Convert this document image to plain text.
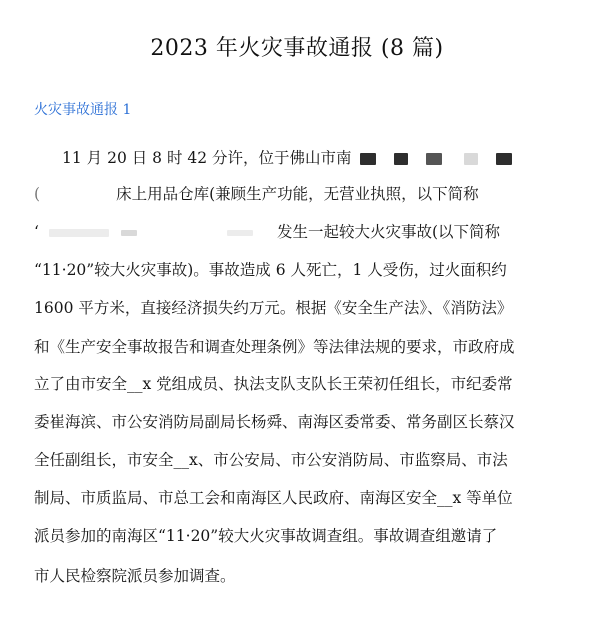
2023 年火灾事故通报 (8 篇)
火灾事故通报 1
11 月 20 日 8 时 42 分许，位于佛山市南
(	床上用品仓库(兼顾生产功能，无营业执照，以下简称
‘	发生一起较大火灾事故(以下简称
“11·20”较大火灾事故)。事故造成 6 人死亡，1 人受伤，过火面积约
1600 平方米，直接经济损失约万元。根据《安全生产法》、《消防法》
和《生产安全事故报告和调查处理条例》等法律法规的要求，市政府成
立了由市安全__x 党组成员、执法支队支队长王荣初任组长，市纪委常
委崔海滨、市公安消防局副局长杨舜、南海区委常委、常务副区长蔡汉
全任副组长，市安全__x、市公安局、市公安消防局、市监察局、市法
制局、市质监局、市总工会和南海区人民政府、南海区安全__x 等单位
派员参加的南海区“11·20”较大火灾事故调查组。事故调查组邀请了
市人民检察院派员参加调查。
